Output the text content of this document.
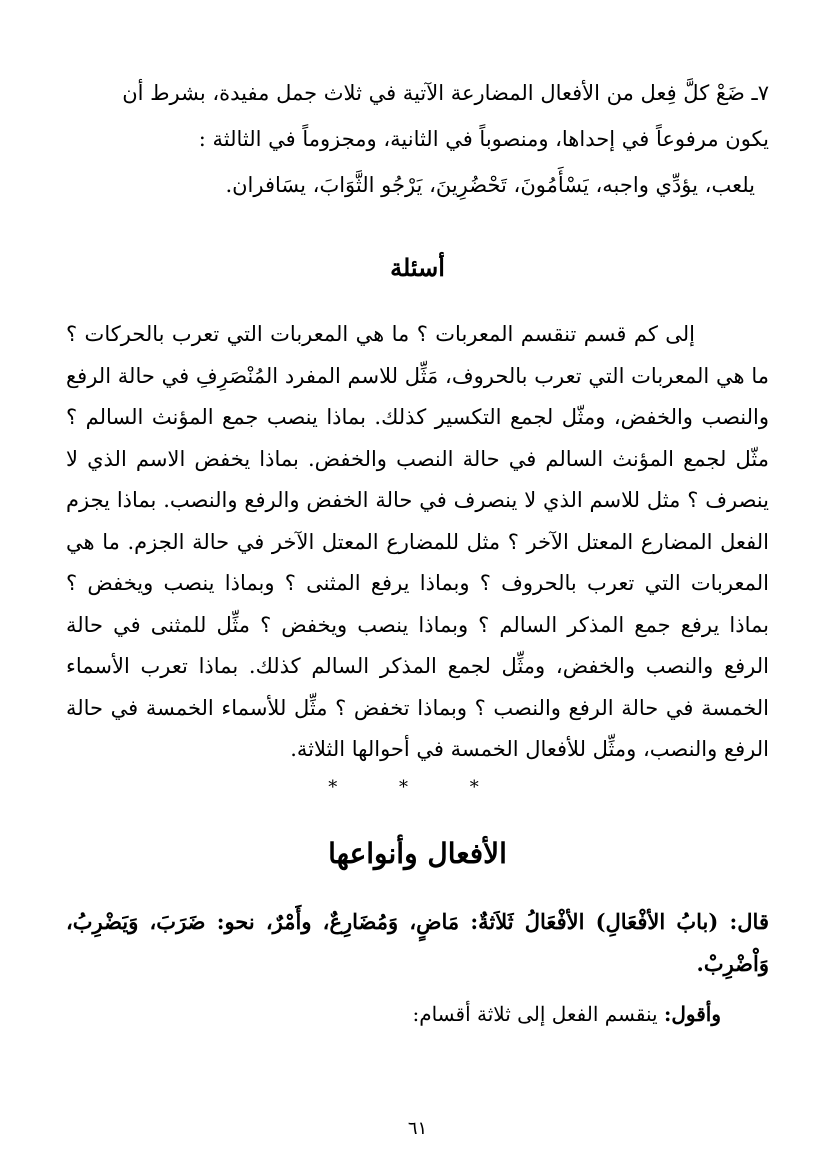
٧ـ ضَعْ كلَّ فِعل من الأفعال المضارعة الآتية في ثلاث جمل مفيدة، بشرط أن

يكون مرفوعاً في إحداها، ومنصوباً في الثانية، ومجزوماً في الثالثة :

يلعب، يؤدِّي واجبه، يَسْأَمُونَ، تَحْضُرِينَ، يَرْجُو الثَّوَابَ، يسَافران.

أسئلة

إلى كم قسم تنقسم المعربات ؟ ما هي المعربات التي تعرب بالحركات ؟ ما هي المعربات التي تعرب بالحروف، مَثِّل للاسم المفرد المُنْصَرِفِ في حالة الرفع والنصب والخفض، ومثّل لجمع التكسير كذلك. بماذا ينصب جمع المؤنث السالم ؟ مثّل لجمع المؤنث السالم في حالة النصب والخفض. بماذا يخفض الاسم الذي لا ينصرف ؟ مثل للاسم الذي لا ينصرف في حالة الخفض والرفع والنصب. بماذا يجزم الفعل المضارع المعتل الآخر ؟ مثل للمضارع المعتل الآخر في حالة الجزم. ما هي المعربات التي تعرب بالحروف ؟ وبماذا يرفع المثنى ؟ وبماذا ينصب ويخفض ؟ بماذا يرفع جمع المذكر السالم ؟ وبماذا ينصب ويخفض ؟ مثِّل للمثنى في حالة الرفع والنصب والخفض، ومثِّل لجمع المذكر السالم كذلك. بماذا تعرب الأسماء الخمسة في حالة الرفع والنصب ؟ وبماذا تخفض ؟ مثِّل للأسماء الخمسة في حالة الرفع والنصب، ومثِّل للأفعال الخمسة في أحوالها الثلاثة.

* * *
الأفعال وأنواعها

قال: (بابُ الأفْعَالِ) الأفْعَالُ ثَلاَثةٌ: مَاضٍ، وَمُضَارِعٌ، وأَمْرٌ، نحو: ضَرَبَ، وَيَضْرِبُ، وَاْضْرِبْ.

وأقول: ينقسم الفعل إلى ثلاثة أقسام:

٦١
